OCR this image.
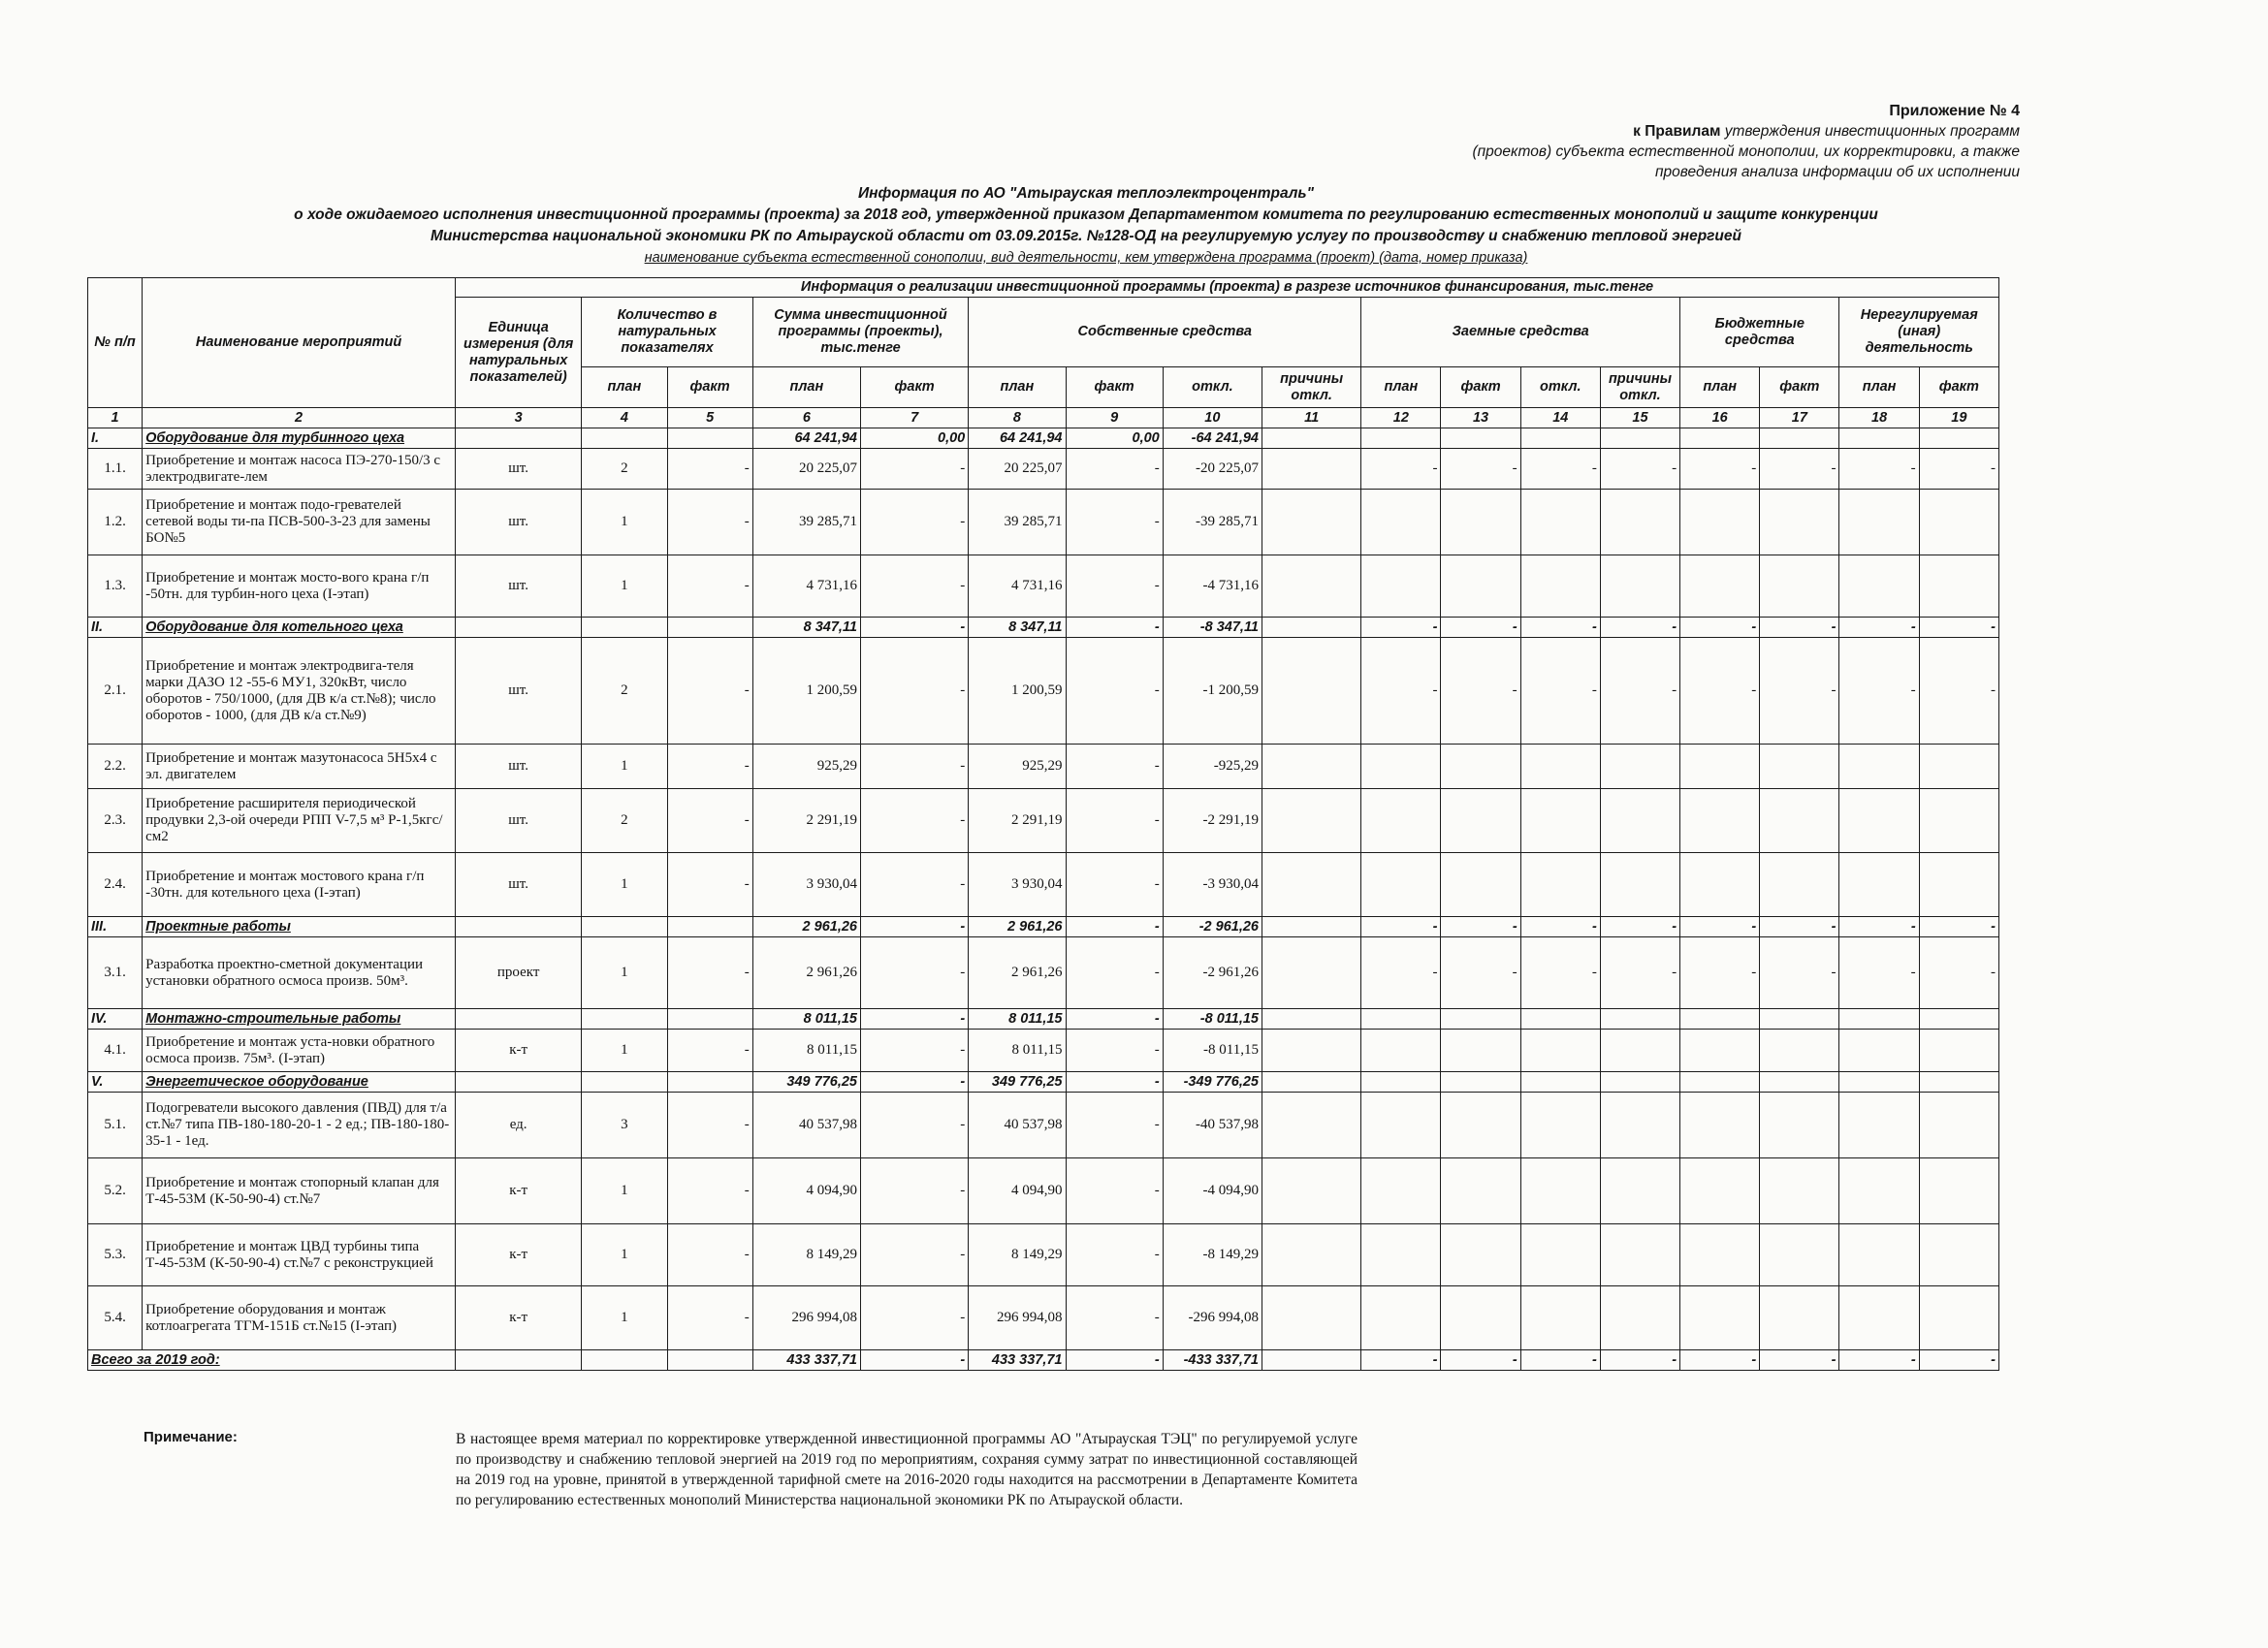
Приложение № 4
к Правилам утверждения инвестиционных программ
(проектов) субъекта естественной монополии, их корректировки, а также
проведения анализа информации об их исполнении
Информация по АО "Атырауская теплоэлектроцентраль"
о ходе ожидаемого исполнения инвестиционной программы (проекта) за 2018 год, утвержденной приказом Департаментом комитета по регулированию естественных монополий и защите конкуренции
Министерства национальной экономики РК по Атырауской области от 03.09.2015г. №128-ОД на регулируемую услугу по производству и снабжению тепловой энергией
наименование субъекта естественной сонополии, вид деятельности, кем утверждена программа (проект) (дата, номер приказа)
№ п/п	Наименование мероприятий	Информация о реализации инвестиционной программы (проекта) в разрезе источников финансирования, тыс.тенге																
		Единица измерения (для натуральных показателей)	Количество в натуральных показателях		Сумма инвестиционной программы (проекты), тыс.тенге		Собственные средства				Заемные средства				Бюджетные средства		Нерегулируемая (иная) деятельность	
			план	факт	план	факт	план	факт	откл.	причины откл.	план	факт	откл.	причины откл.	план	факт	план	факт
1	2	3	4	5	6	7	8	9	10	11	12	13	14	15	16	17	18	19
I.	Оборудование для турбинного цеха				64 241,94	0,00	64 241,94	0,00	-64 241,94									
1.1.	Приобретение и монтаж насоса ПЭ-270-150/3 с электродвигате-лем	шт.	2	-	20 225,07	-	20 225,07	-	-20 225,07		-	-	-	-	-	-	-	-
1.2.	Приобретение и монтаж подо-гревателей сетевой воды ти-па ПСВ-500-3-23 для замены БО№5	шт.	1	-	39 285,71	-	39 285,71	-	-39 285,71									
1.3.	Приобретение и монтаж мосто-вого крана г/п -50тн. для турбин-ного цеха (I-этап)	шт.	1	-	4 731,16	-	4 731,16	-	-4 731,16									
II.	Оборудование для котельного цеха				8 347,11	-	8 347,11	-	-8 347,11		-	-	-	-	-	-	-	-
2.1.	Приобретение и монтаж электродвига-теля марки ДАЗО 12 -55-6 МУ1, 320кВт, число оборотов - 750/1000, (для ДВ к/а ст.№8); число оборотов - 1000, (для ДВ к/а ст.№9)	шт.	2	-	1 200,59	-	1 200,59	-	-1 200,59		-	-	-	-	-	-	-	-
2.2.	Приобретение и монтаж мазутонасоса 5Н5х4 с эл. двигателем	шт.	1	-	925,29	-	925,29	-	-925,29									
2.3.	Приобретение расширителя периодической продувки 2,3-ой очереди РПП V-7,5 м³ Р-1,5кгс/см2	шт.	2	-	2 291,19	-	2 291,19	-	-2 291,19									
2.4.	Приобретение и монтаж мостового крана г/п -30тн. для котельного цеха (I-этап)	шт.	1	-	3 930,04	-	3 930,04	-	-3 930,04									
III.	Проектные работы				2 961,26	-	2 961,26	-	-2 961,26		-	-	-	-	-	-	-	-
3.1.	Разработка проектно-сметной документации установки обратного осмоса произв. 50м³.	проект	1	-	2 961,26	-	2 961,26	-	-2 961,26		-	-	-	-	-	-	-	-
IV.	Монтажно-строительные работы				8 011,15	-	8 011,15	-	-8 011,15									
4.1.	Приобретение и монтаж уста-новки обратного осмоса произв. 75м³. (I-этап)	к-т	1	-	8 011,15	-	8 011,15	-	-8 011,15									
V.	Энергетическое оборудование				349 776,25	-	349 776,25	-	-349 776,25									
5.1.	Подогреватели высокого давления (ПВД) для т/а ст.№7 типа ПВ-180-180-20-1 - 2 ед.; ПВ-180-180-35-1 - 1ед.	ед.	3	-	40 537,98	-	40 537,98	-	-40 537,98									
5.2.	Приобретение и монтаж стопорный клапан для Т-45-53М (К-50-90-4) ст.№7	к-т	1	-	4 094,90	-	4 094,90	-	-4 094,90									
5.3.	Приобретение и монтаж ЦВД турбины типа Т-45-53М (К-50-90-4) ст.№7 с реконструкцией	к-т	1	-	8 149,29	-	8 149,29	-	-8 149,29									
5.4.	Приобретение оборудования и монтаж котлоагрегата ТГМ-151Б ст.№15 (I-этап)	к-т	1	-	296 994,08	-	296 994,08	-	-296 994,08									
Всего за 2019 год:					433 337,71	-	433 337,71	-	-433 337,71		-	-	-	-	-	-	-	-
Примечание:	В настоящее время материал по корректировке утвержденной инвестиционной программы АО "Атырауская ТЭЦ" по регулируемой услуге по производству и снабжению тепловой энергией на 2019 год по мероприятиям, сохраняя сумму затрат по инвестиционной составляющей на 2019 год на уровне, принятой в утвержденной тарифной смете на 2016-2020 годы находится на рассмотрении в Департаменте Комитета по регулированию естественных монополий Министерства национальной экономики РК по Атырауской области.
